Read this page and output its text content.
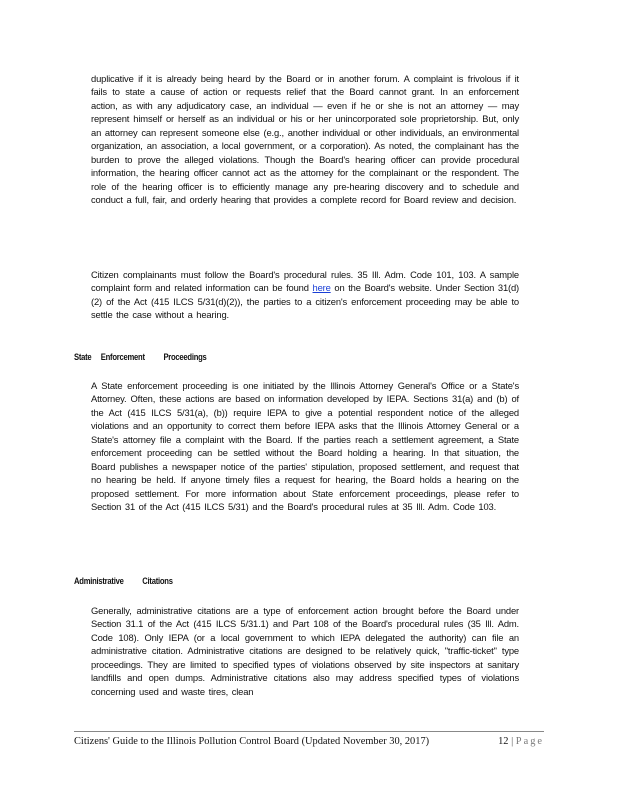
duplicative if it is already being heard by the Board or in another forum. A complaint is frivolous if it fails to state a cause of action or requests relief that the Board cannot grant. In an enforcement action, as with any adjudicatory case, an individual — even if he or she is not an attorney — may represent himself or herself as an individual or his or her unincorporated sole proprietorship. But, only an attorney can represent someone else (e.g., another individual or other individuals, an environmental organization, an association, a local government, or a corporation). As noted, the complainant has the burden to prove the alleged violations. Though the Board's hearing officer can provide procedural information, the hearing officer cannot act as the attorney for the complainant or the respondent. The role of the hearing officer is to efficiently manage any pre-hearing discovery and to schedule and conduct a full, fair, and orderly hearing that provides a complete record for Board review and decision.

Citizen complainants must follow the Board's procedural rules. 35 Ill. Adm. Code 101, 103. A sample complaint form and related information can be found here on the Board's website. Under Section 31(d)(2) of the Act (415 ILCS 5/31(d)(2)), the parties to a citizen's enforcement proceeding may be able to settle the case without a hearing.

State     Enforcement          Proceedings

A State enforcement proceeding is one initiated by the Illinois Attorney General's Office or a State's Attorney. Often, these actions are based on information developed by IEPA. Sections 31(a) and (b) of the Act (415 ILCS 5/31(a), (b)) require IEPA to give a potential respondent notice of the alleged violations and an opportunity to correct them before IEPA asks that the Illinois Attorney General or a State's attorney file a complaint with the Board. If the parties reach a settlement agreement, a State enforcement proceeding can be settled without the Board holding a hearing. In that situation, the Board publishes a newspaper notice of the parties' stipulation, proposed settlement, and request that no hearing be held. If anyone timely files a request for hearing, the Board holds a hearing on the proposed settlement. For more information about State enforcement proceedings, please refer to Section 31 of the Act (415 ILCS 5/31) and the Board's procedural rules at 35 Ill. Adm. Code 103.

Administrative          Citations

Generally, administrative citations are a type of enforcement action brought before the Board under Section 31.1 of the Act (415 ILCS 5/31.1) and Part 108 of the Board's procedural rules (35 Ill. Adm. Code 108). Only IEPA (or a local government to which IEPA delegated the authority) can file an administrative citation. Administrative citations are designed to be relatively quick, "traffic-ticket" type proceedings. They are limited to specified types of violations observed by site inspectors at sanitary landfills and open dumps. Administrative citations also may address specified types of violations concerning used and waste tires, clean

Citizens' Guide to the Illinois Pollution Control Board (Updated November 30, 2017)	12 | Page
